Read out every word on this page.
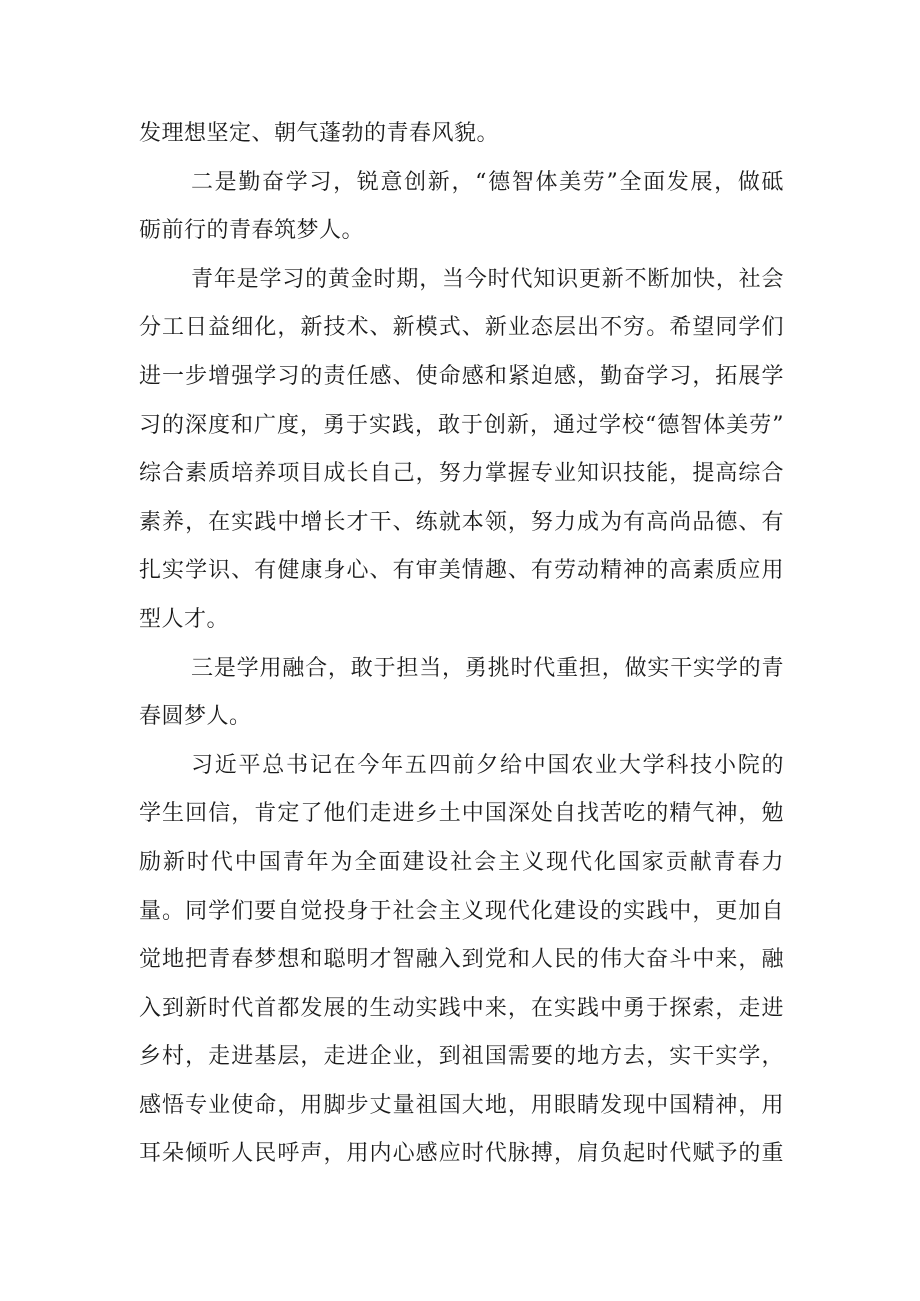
发理想坚定、朝气蓬勃的青春风貌。
二是勤奋学习，锐意创新，“德智体美劳”全面发展，做砥
砺前行的青春筑梦人。
青年是学习的黄金时期，当今时代知识更新不断加快，社会
分工日益细化，新技术、新模式、新业态层出不穷。希望同学们
进一步增强学习的责任感、使命感和紧迫感，勤奋学习，拓展学
习的深度和广度，勇于实践，敢于创新，通过学校“德智体美劳”
综合素质培养项目成长自己，努力掌握专业知识技能，提高综合
素养，在实践中增长才干、练就本领，努力成为有高尚品德、有
扎实学识、有健康身心、有审美情趣、有劳动精神的高素质应用
型人才。
三是学用融合，敢于担当，勇挑时代重担，做实干实学的青
春圆梦人。
习近平总书记在今年五四前夕给中国农业大学科技小院的
学生回信，肯定了他们走进乡土中国深处自找苦吃的精气神，勉
励新时代中国青年为全面建设社会主义现代化国家贡献青春力
量。同学们要自觉投身于社会主义现代化建设的实践中，更加自
觉地把青春梦想和聪明才智融入到党和人民的伟大奋斗中来，融
入到新时代首都发展的生动实践中来，在实践中勇于探索，走进
乡村，走进基层，走进企业，到祖国需要的地方去，实干实学，
感悟专业使命，用脚步丈量祖国大地，用眼睛发现中国精神，用
耳朵倾听人民呼声，用内心感应时代脉搏，肩负起时代赋予的重
